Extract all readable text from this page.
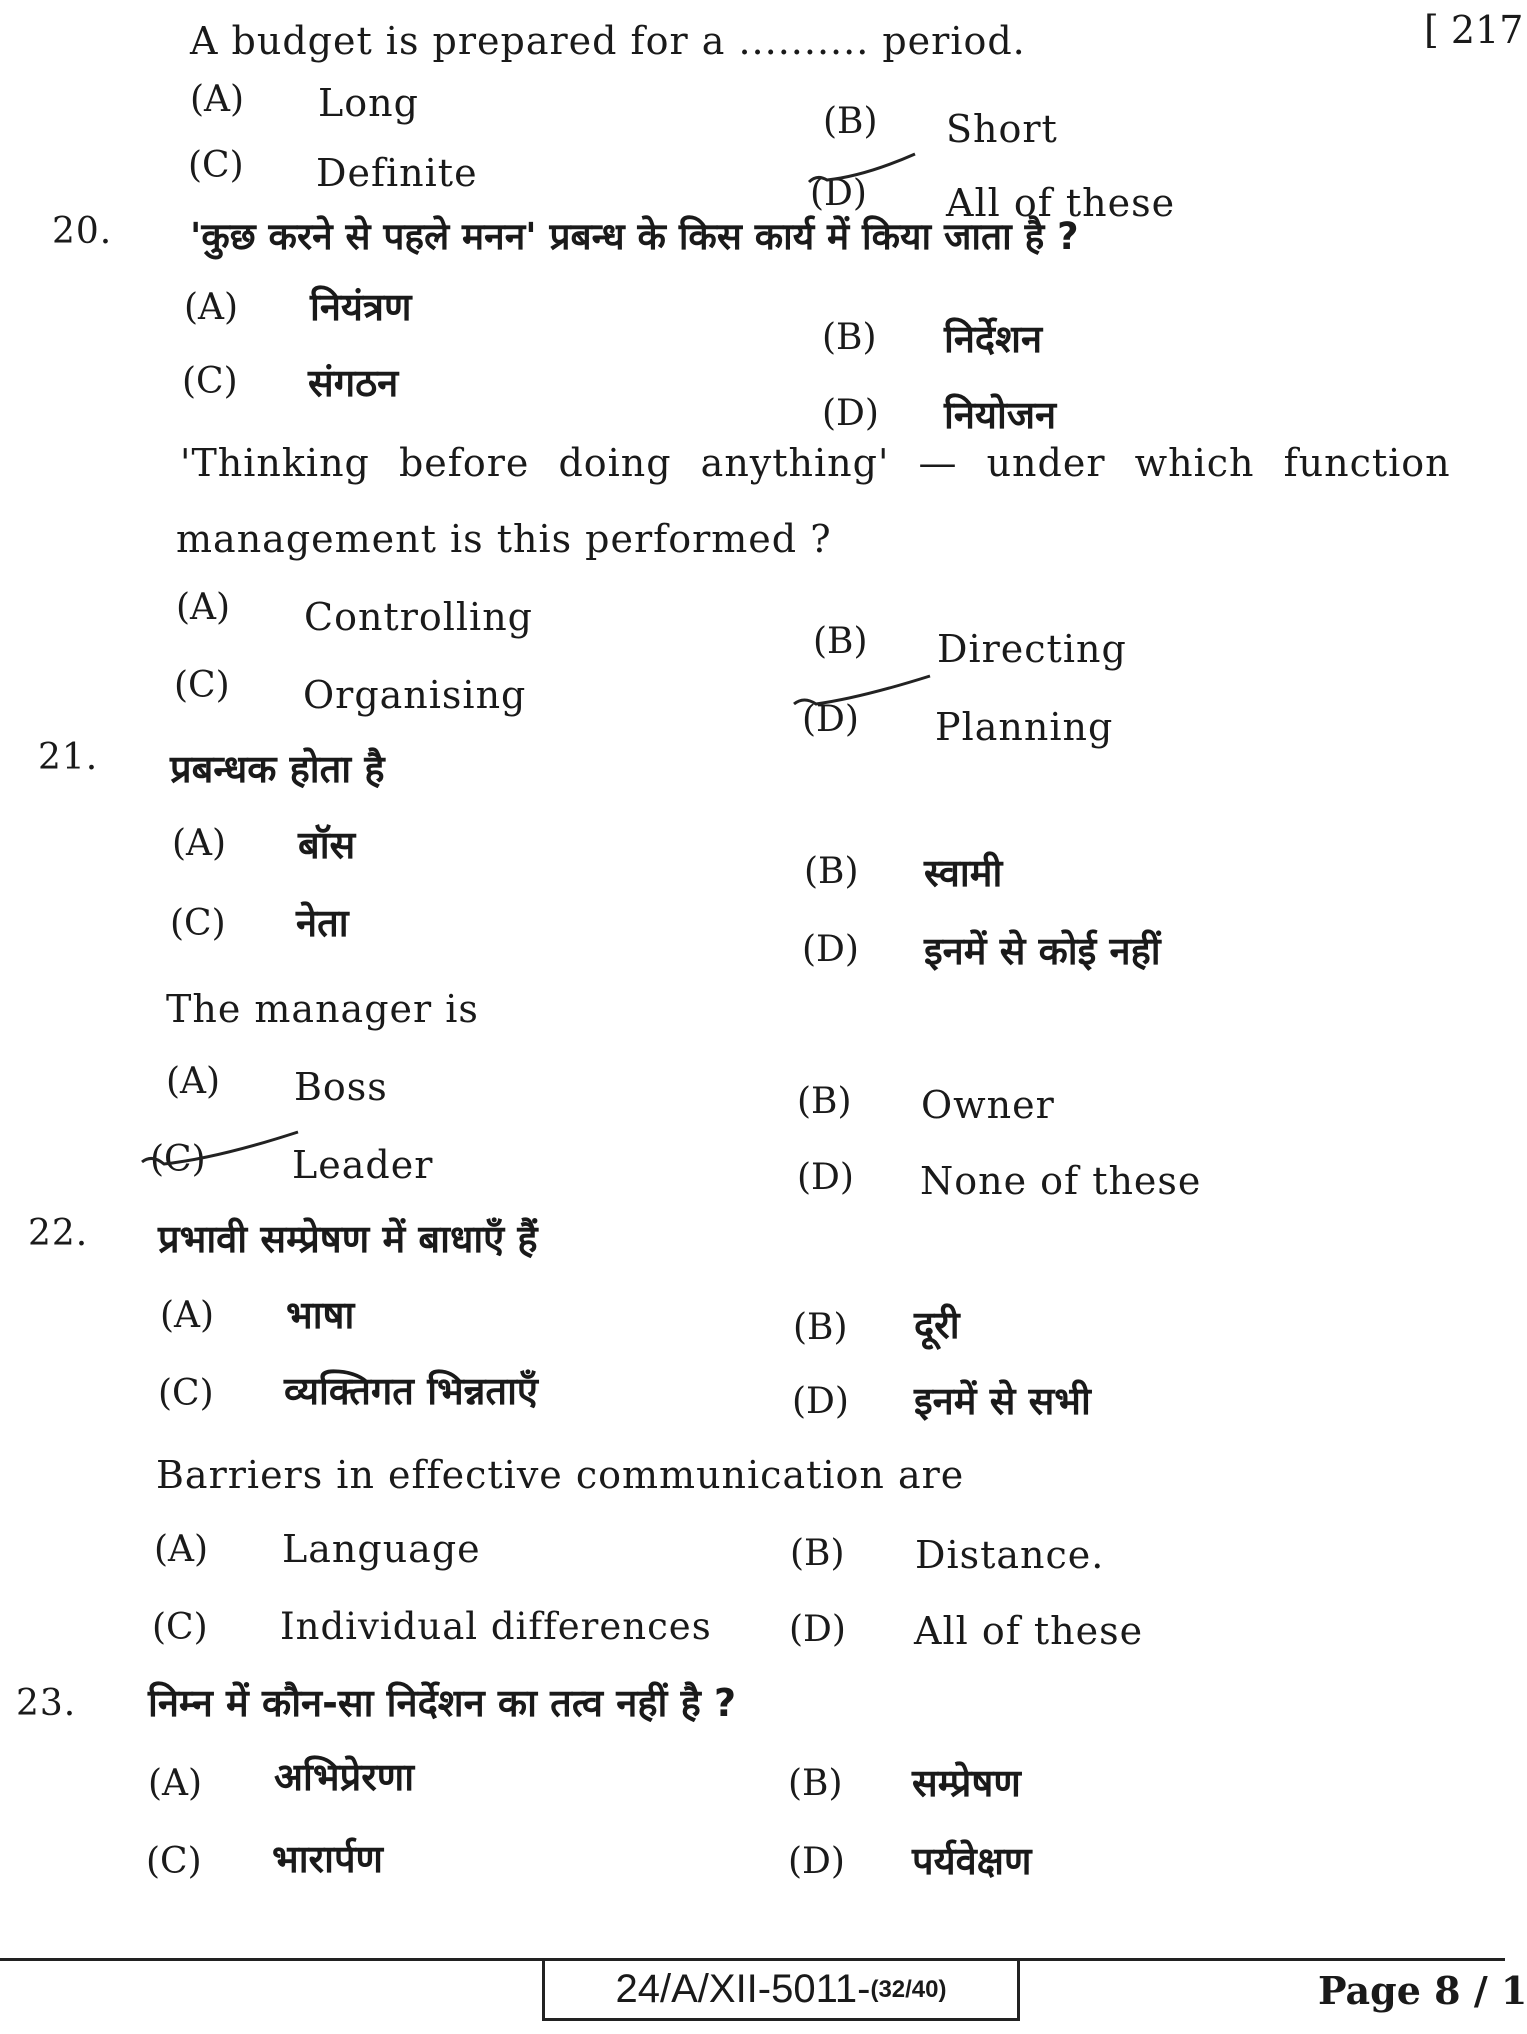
[ 217
A budget is prepared for a .......... period.
(A) Long	(B) Short
(C) Definite	(D) All of these
20. 'कुछ करने से पहले मनन' प्रबन्ध के किस कार्य में किया जाता है ?
(A) नियंत्रण
(B) निर्देशन
(C) संगठन
(D) नियोजन
'Thinking before doing anything' — under which function
management is this performed ?
(A) Controlling
(B) Directing
(C) Organising
(D) Planning
21. प्रबन्धक होता है
(A) बॉस
(B) स्वामी
(C) नेता
(D) इनमें से कोई नहीं
The manager is
(A) Boss	(B) Owner
(C) Leader	(D) None of these
22. प्रभावी सम्प्रेषण में बाधाएँ हैं
(A) भाषा	(B) दूरी
(C) व्यक्तिगत भिन्नताएँ	(D) इनमें से सभी
Barriers in effective communication are
(A) Language	(B) Distance.
(C) Individual differences (D) All of these
23. निम्न में कौन-सा निर्देशन का तत्व नहीं है ?
(A) अभिप्रेरणा	(B) सम्प्रेषण
(C) भारार्पण	(D) पर्यवेक्षण
24/A/XII-5011- (32/40)	Page 8 / 1
